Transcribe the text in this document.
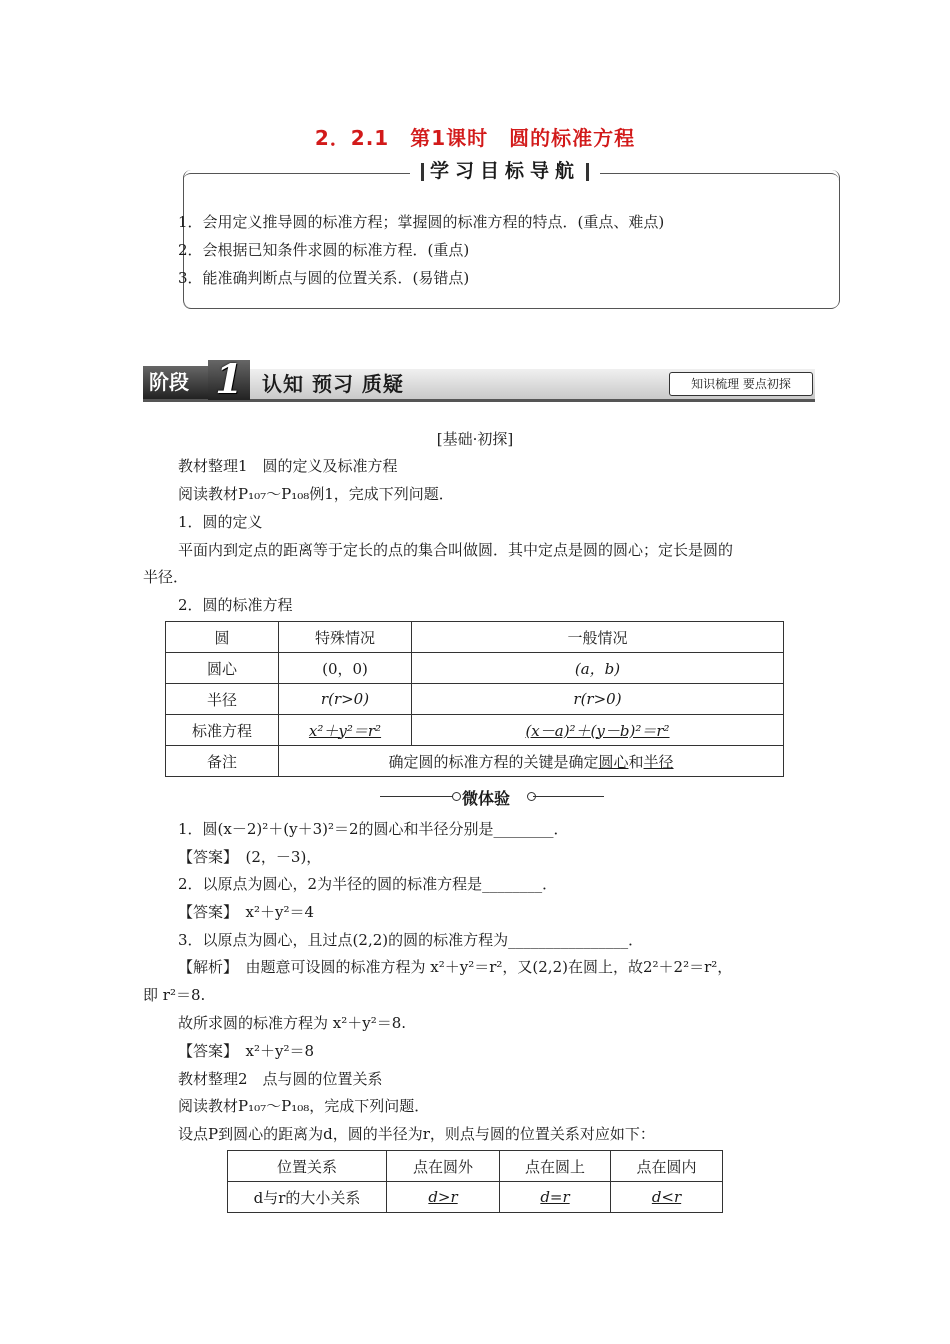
2．2.1　第1课时　圆的标准方程
学习目标导航
1．会用定义推导圆的标准方程；掌握圆的标准方程的特点．(重点、难点)
2．会根据已知条件求圆的标准方程．(重点)
3．能准确判断点与圆的位置关系．(易错点)
阶段 1 认知 预习 质疑	知识梳理 要点初探
[基础·初探]
教材整理1　圆的定义及标准方程
阅读教材P₁₀₇～P₁₀₈例1，完成下列问题．
1．圆的定义
平面内到定点的距离等于定长的点的集合叫做圆．其中定点是圆的圆心；定长是圆的
半径．
2．圆的标准方程
圆	特殊情况	一般情况
圆心	(0，0)	(a，b)
半径	r(r>0)	r(r>0)
标准方程	x²＋y²＝r²	(x－a)²＋(y－b)²＝r²
备注	确定圆的标准方程的关键是确定圆心和半径	
微体验
1．圆(x－2)²＋(y＋3)²＝2的圆心和半径分别是________．
【答案】　(2，－3)，
2．以原点为圆心，2为半径的圆的标准方程是________．
【答案】　x²＋y²＝4
3．以原点为圆心，且过点(2,2)的圆的标准方程为________________．
【解析】　由题意可设圆的标准方程为 x²＋y²＝r²，又(2,2)在圆上，故2²＋2²＝r²，
即 r²＝8.
故所求圆的标准方程为 x²＋y²＝8.
【答案】　x²＋y²＝8
教材整理2　点与圆的位置关系
阅读教材P₁₀₇～P₁₀₈，完成下列问题．
设点P到圆心的距离为d，圆的半径为r，则点与圆的位置关系对应如下：
位置关系	点在圆外	点在圆上	点在圆内
d与r的大小关系	d>r	d=r	d<r
